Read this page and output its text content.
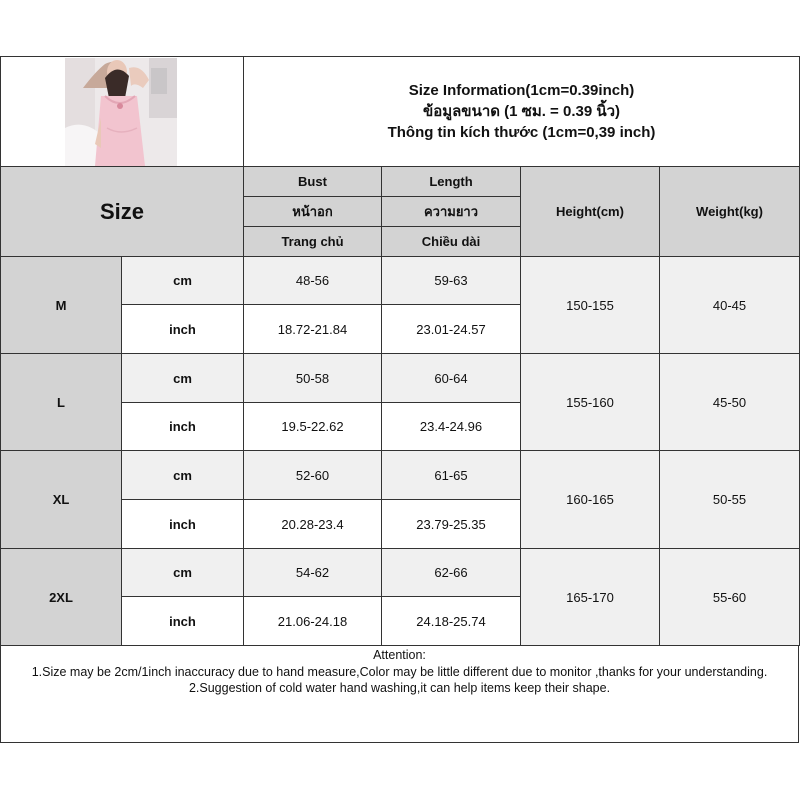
Size Information(1cm=0.39inch)
ข้อมูลขนาด (1 ซม. = 0.39 นิ้ว)
Thông tin kích thước (1cm=0,39 inch)
Size
Bust	Length
หน้าอก	ความยาว
Trang chủ	Chiều dài
Height(cm)	Weight(kg)
M
cm	48-56	59-63
inch	18.72-21.84	23.01-24.57
150-155	40-45
L
cm	50-58	60-64
inch	19.5-22.62	23.4-24.96
155-160	45-50
XL
cm	52-60	61-65
inch	20.28-23.4	23.79-25.35
160-165	50-55
2XL
cm	54-62	62-66
inch	21.06-24.18	24.18-25.74
165-170	55-60
Attention:
1.Size may be 2cm/1inch inaccuracy due to hand measure,Color may be little different due to monitor ,thanks for your understanding.
2.Suggestion of cold water hand washing,it can help items keep their shape.
